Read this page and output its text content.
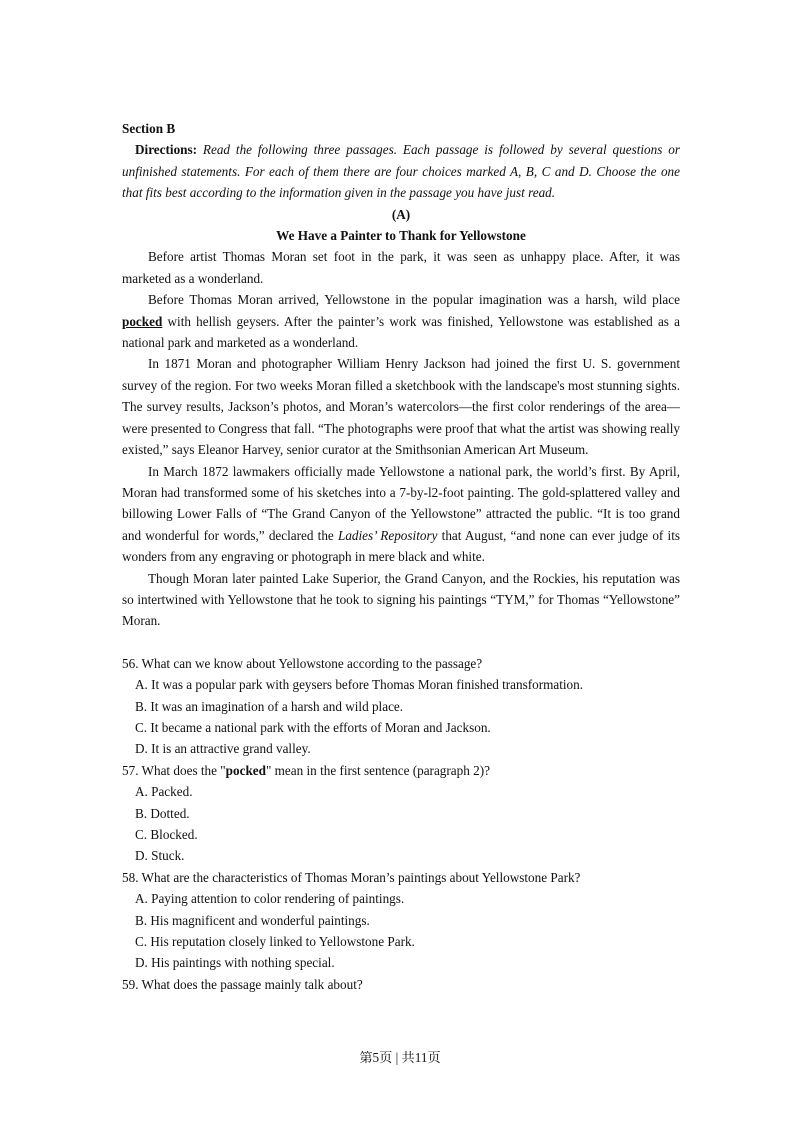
Section B

Directions: Read the following three passages. Each passage is followed by several questions or unfinished statements. For each of them there are four choices marked A, B, C and D. Choose the one that fits best according to the information given in the passage you have just read.

(A)
We Have a Painter to Thank for Yellowstone

Before artist Thomas Moran set foot in the park, it was seen as unhappy place. After, it was marketed as a wonderland.

Before Thomas Moran arrived, Yellowstone in the popular imagination was a harsh, wild place pocked with hellish geysers. After the painter’s work was finished, Yellowstone was established as a national park and marketed as a wonderland.

In 1871 Moran and photographer William Henry Jackson had joined the first U. S. government survey of the region. For two weeks Moran filled a sketchbook with the landscape's most stunning sights. The survey results, Jackson’s photos, and Moran’s watercolors—the first color renderings of the area—were presented to Congress that fall. “The photographs were proof that what the artist was showing really existed,” says Eleanor Harvey, senior curator at the Smithsonian American Art Museum.

In March 1872 lawmakers officially made Yellowstone a national park, the world’s first. By April, Moran had transformed some of his sketches into a 7-by-l2-foot painting. The gold-splattered valley and billowing Lower Falls of “The Grand Canyon of the Yellowstone” attracted the public. “It is too grand and wonderful for words,” declared the Ladies’ Repository that August, “and none can ever judge of its wonders from any engraving or photograph in mere black and white.

Though Moran later painted Lake Superior, the Grand Canyon, and the Rockies, his reputation was so intertwined with Yellowstone that he took to signing his paintings “TYM,” for Thomas “Yellowstone” Moran.

56. What can we know about Yellowstone according to the passage?

A. It was a popular park with geysers before Thomas Moran finished transformation.

B. It was an imagination of a harsh and wild place.

C. It became a national park with the efforts of Moran and Jackson.

D. It is an attractive grand valley.

57. What does the "pocked" mean in the first sentence (paragraph 2)?

A. Packed.

B. Dotted.

C. Blocked.

D. Stuck.

58. What are the characteristics of Thomas Moran’s paintings about Yellowstone Park?

A. Paying attention to color rendering of paintings.

B. His magnificent and wonderful paintings.

C. His reputation closely linked to Yellowstone Park.

D. His paintings with nothing special.

59. What does the passage mainly talk about?

第5页 | 共11页
